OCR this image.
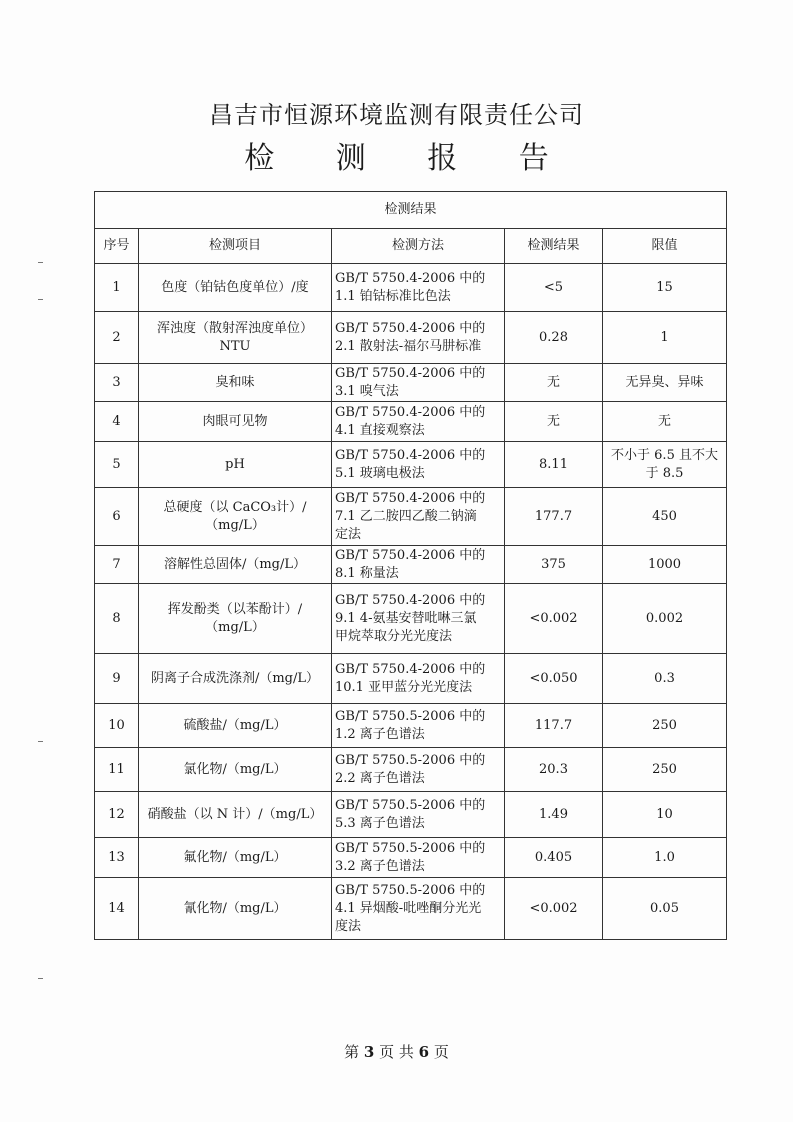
昌吉市恒源环境监测有限责任公司
检 测 报 告
检测结果				
序号	检测项目	检测方法	检测结果	限值
1	色度（铂钴色度单位）/度	GB/T 5750.4-2006 中的
1.1 铂钴标准比色法	<5	15
2	浑浊度（散射浑浊度单位）NTU	GB/T 5750.4-2006 中的
2.1 散射法-福尔马肼标准	0.28	1
3	臭和味	GB/T 5750.4-2006 中的
3.1 嗅气法	无	无异臭、异味
4	肉眼可见物	GB/T 5750.4-2006 中的
4.1 直接观察法	无	无
5	pH	GB/T 5750.4-2006 中的
5.1 玻璃电极法	8.11	不小于 6.5 且不大于 8.5
6	总硬度（以 CaCO₃计）/（mg/L）	GB/T 5750.4-2006 中的
7.1 乙二胺四乙酸二钠滴
定法	177.7	450
7	溶解性总固体/（mg/L）	GB/T 5750.4-2006 中的
8.1 称量法	375	1000
8	挥发酚类（以苯酚计）/（mg/L）	GB/T 5750.4-2006 中的
9.1 4-氨基安替吡啉三氯
甲烷萃取分光光度法	<0.002	0.002
9	阴离子合成洗涤剂/（mg/L）	GB/T 5750.4-2006 中的
10.1 亚甲蓝分光光度法	<0.050	0.3
10	硫酸盐/（mg/L）	GB/T 5750.5-2006 中的
1.2 离子色谱法	117.7	250
11	氯化物/（mg/L）	GB/T 5750.5-2006 中的
2.2 离子色谱法	20.3	250
12	硝酸盐（以 N 计）/（mg/L）	GB/T 5750.5-2006 中的
5.3 离子色谱法	1.49	10
13	氟化物/（mg/L）	GB/T 5750.5-2006 中的
3.2 离子色谱法	0.405	1.0
14	氰化物/（mg/L）	GB/T 5750.5-2006 中的
4.1 异烟酸-吡唑酮分光光
度法	<0.002	0.05
第 3 页 共 6 页
